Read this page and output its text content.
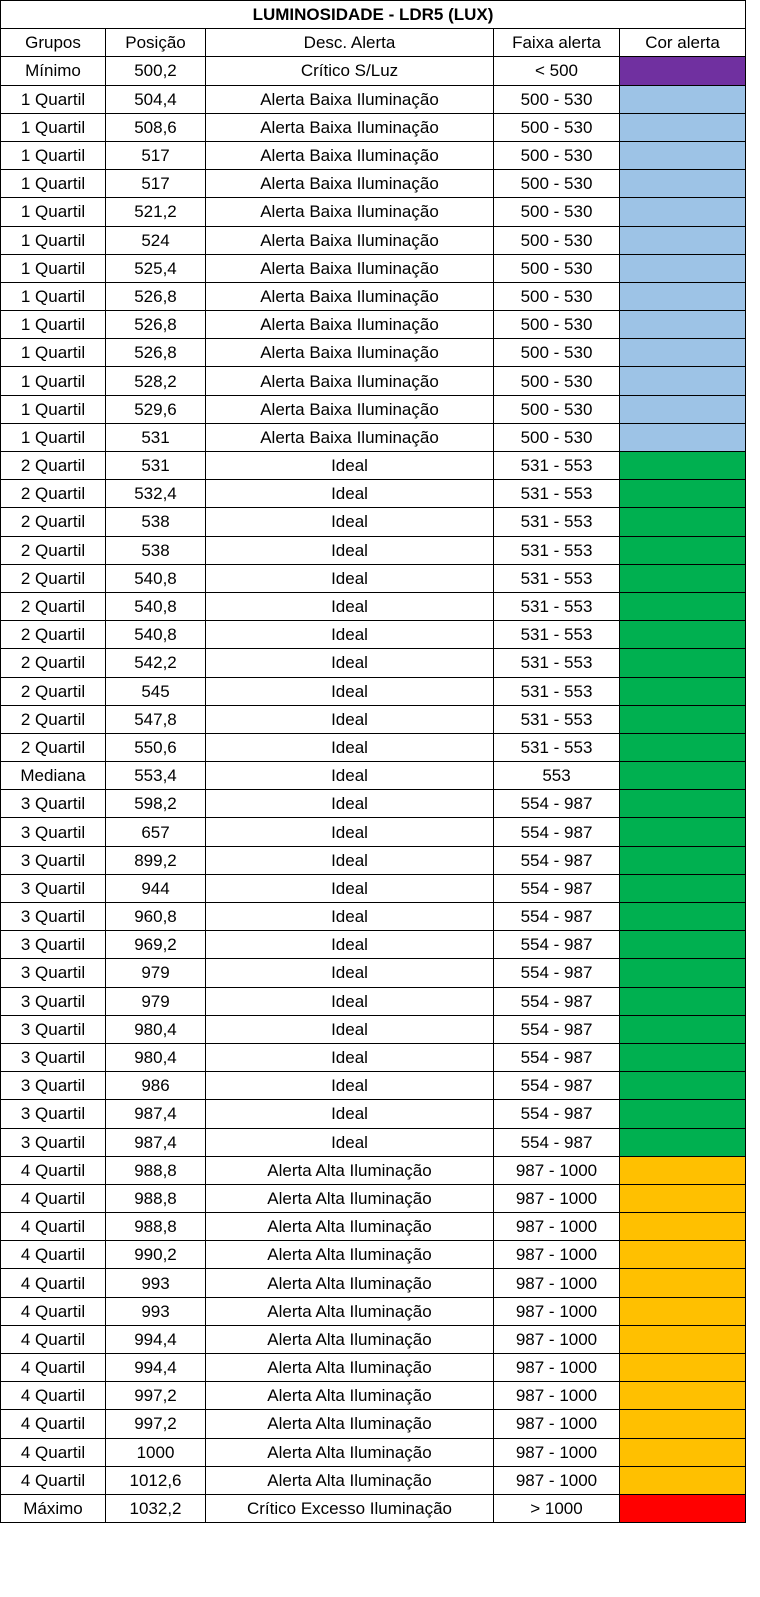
LUMINOSIDADE - LDR5 (LUX)				
Grupos	Posição	Desc. Alerta	Faixa alerta	Cor alerta
Mínimo	500,2	Crítico S/Luz	< 500	
1 Quartil	504,4	Alerta Baixa Iluminação	500 - 530	
1 Quartil	508,6	Alerta Baixa Iluminação	500 - 530	
1 Quartil	517	Alerta Baixa Iluminação	500 - 530	
1 Quartil	517	Alerta Baixa Iluminação	500 - 530	
1 Quartil	521,2	Alerta Baixa Iluminação	500 - 530	
1 Quartil	524	Alerta Baixa Iluminação	500 - 530	
1 Quartil	525,4	Alerta Baixa Iluminação	500 - 530	
1 Quartil	526,8	Alerta Baixa Iluminação	500 - 530	
1 Quartil	526,8	Alerta Baixa Iluminação	500 - 530	
1 Quartil	526,8	Alerta Baixa Iluminação	500 - 530	
1 Quartil	528,2	Alerta Baixa Iluminação	500 - 530	
1 Quartil	529,6	Alerta Baixa Iluminação	500 - 530	
1 Quartil	531	Alerta Baixa Iluminação	500 - 530	
2 Quartil	531	Ideal	531 - 553	
2 Quartil	532,4	Ideal	531 - 553	
2 Quartil	538	Ideal	531 - 553	
2 Quartil	538	Ideal	531 - 553	
2 Quartil	540,8	Ideal	531 - 553	
2 Quartil	540,8	Ideal	531 - 553	
2 Quartil	540,8	Ideal	531 - 553	
2 Quartil	542,2	Ideal	531 - 553	
2 Quartil	545	Ideal	531 - 553	
2 Quartil	547,8	Ideal	531 - 553	
2 Quartil	550,6	Ideal	531 - 553	
Mediana	553,4	Ideal	553	
3 Quartil	598,2	Ideal	554 - 987	
3 Quartil	657	Ideal	554 - 987	
3 Quartil	899,2	Ideal	554 - 987	
3 Quartil	944	Ideal	554 - 987	
3 Quartil	960,8	Ideal	554 - 987	
3 Quartil	969,2	Ideal	554 - 987	
3 Quartil	979	Ideal	554 - 987	
3 Quartil	979	Ideal	554 - 987	
3 Quartil	980,4	Ideal	554 - 987	
3 Quartil	980,4	Ideal	554 - 987	
3 Quartil	986	Ideal	554 - 987	
3 Quartil	987,4	Ideal	554 - 987	
3 Quartil	987,4	Ideal	554 - 987	
4 Quartil	988,8	Alerta Alta Iluminação	987 - 1000	
4 Quartil	988,8	Alerta Alta Iluminação	987 - 1000	
4 Quartil	988,8	Alerta Alta Iluminação	987 - 1000	
4 Quartil	990,2	Alerta Alta Iluminação	987 - 1000	
4 Quartil	993	Alerta Alta Iluminação	987 - 1000	
4 Quartil	993	Alerta Alta Iluminação	987 - 1000	
4 Quartil	994,4	Alerta Alta Iluminação	987 - 1000	
4 Quartil	994,4	Alerta Alta Iluminação	987 - 1000	
4 Quartil	997,2	Alerta Alta Iluminação	987 - 1000	
4 Quartil	997,2	Alerta Alta Iluminação	987 - 1000	
4 Quartil	1000	Alerta Alta Iluminação	987 - 1000	
4 Quartil	1012,6	Alerta Alta Iluminação	987 - 1000	
Máximo	1032,2	Crítico Excesso Iluminação	> 1000	
